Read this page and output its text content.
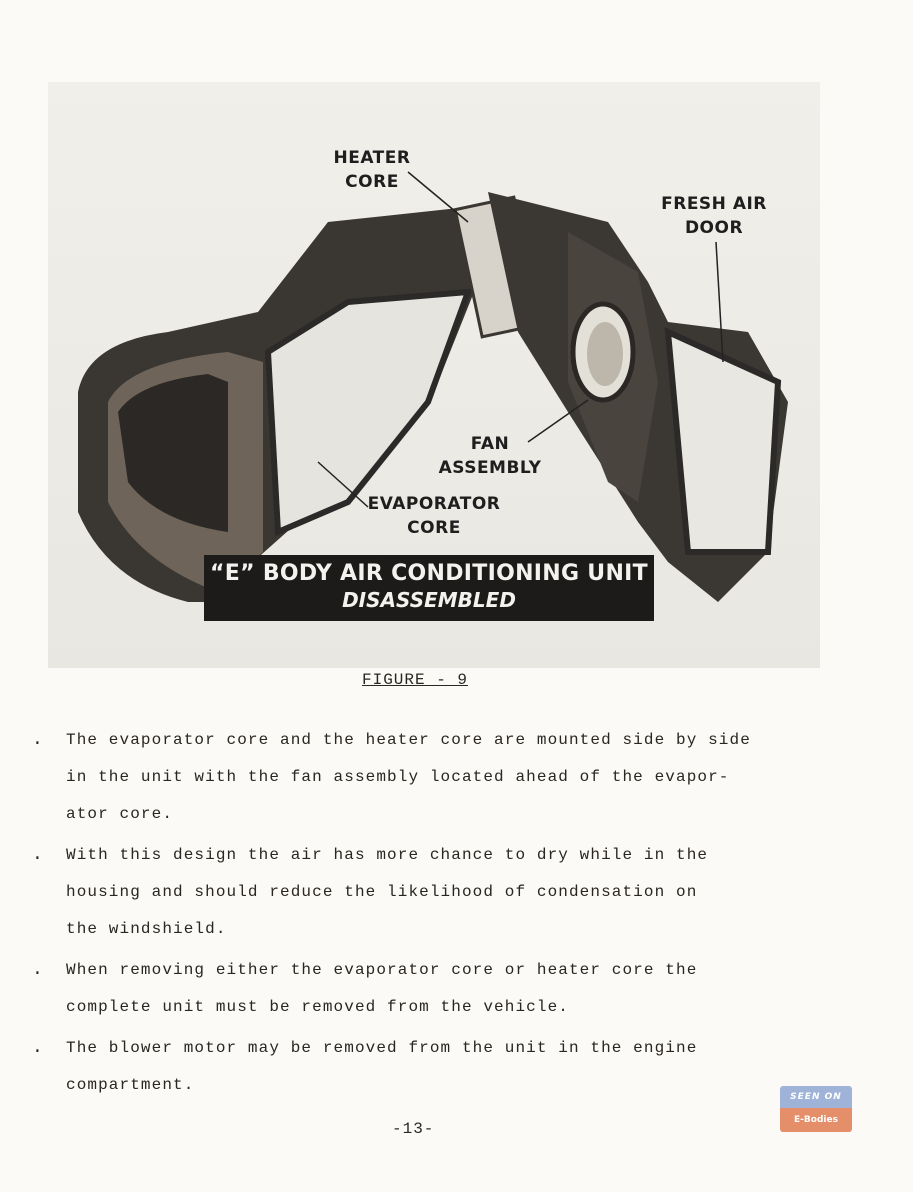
HEATER
CORE
FRESH AIR
DOOR
FAN
ASSEMBLY
EVAPORATOR
CORE
“E” BODY AIR CONDITIONING UNIT
DISASSEMBLED
FIGURE - 9
. The evaporator core and the heater core are mounted side by side
in the unit with the fan assembly located ahead of the evapor-
ator core.
. With this design the air has more chance to dry while in the
housing and should reduce the likelihood of condensation on
the windshield.
. When removing either the evaporator core or heater core the
complete unit must be removed from the vehicle.
. The blower motor may be removed from the unit in the engine
compartment.
-13-
SEEN ON
E-Bodies
